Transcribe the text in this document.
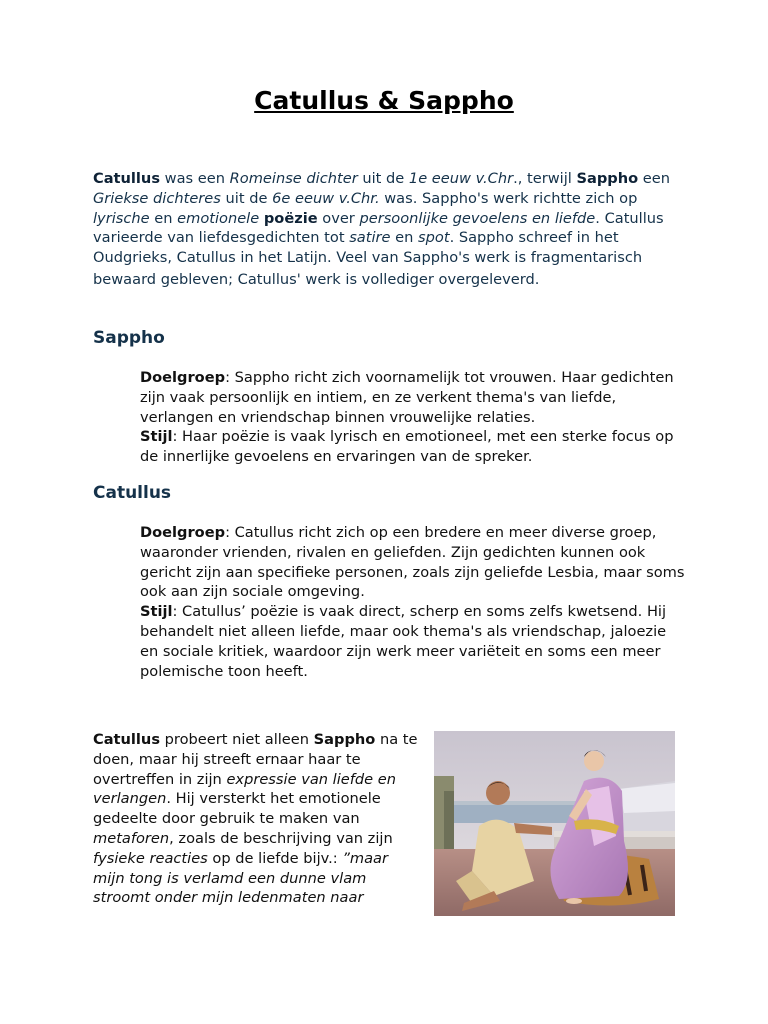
Catullus & Sappho

Catullus was een Romeinse dichter uit de 1e eeuw v.Chr., terwijl Sappho een Griekse dichteres uit de 6e eeuw v.Chr. was. Sappho's werk richtte zich op lyrische en emotionele poëzie over persoonlijke gevoelens en liefde. Catullus varieerde van liefdesgedichten tot satire en spot. Sappho schreef in het Oudgrieks, Catullus in het Latijn. Veel van Sappho's werk is fragmentarisch bewaard gebleven; Catullus' werk is vollediger overgeleverd.

Sappho

Doelgroep: Sappho richt zich voornamelijk tot vrouwen. Haar gedichten zijn vaak persoonlijk en intiem, en ze verkent thema's van liefde, verlangen en vriendschap binnen vrouwelijke relaties.

Stijl: Haar poëzie is vaak lyrisch en emotioneel, met een sterke focus op de innerlijke gevoelens en ervaringen van de spreker.

Catullus

Doelgroep: Catullus richt zich op een bredere en meer diverse groep, waaronder vrienden, rivalen en geliefden. Zijn gedichten kunnen ook gericht zijn aan specifieke personen, zoals zijn geliefde Lesbia, maar soms ook aan zijn sociale omgeving.

Stijl: Catullus’ poëzie is vaak direct, scherp en soms zelfs kwetsend. Hij behandelt niet alleen liefde, maar ook thema's als vriendschap, jaloezie en sociale kritiek, waardoor zijn werk meer variëteit en soms een meer polemische toon heeft.

Catullus probeert niet alleen Sappho na te doen, maar hij streeft ernaar haar te overtreffen in zijn expressie van liefde en verlangen. Hij versterkt het emotionele gedeelte door gebruik te maken van metaforen, zoals de beschrijving van zijn fysieke reacties op de liefde bijv.: ”maar mijn tong is verlamd een dunne vlam stroomt onder mijn ledenmaten naar
